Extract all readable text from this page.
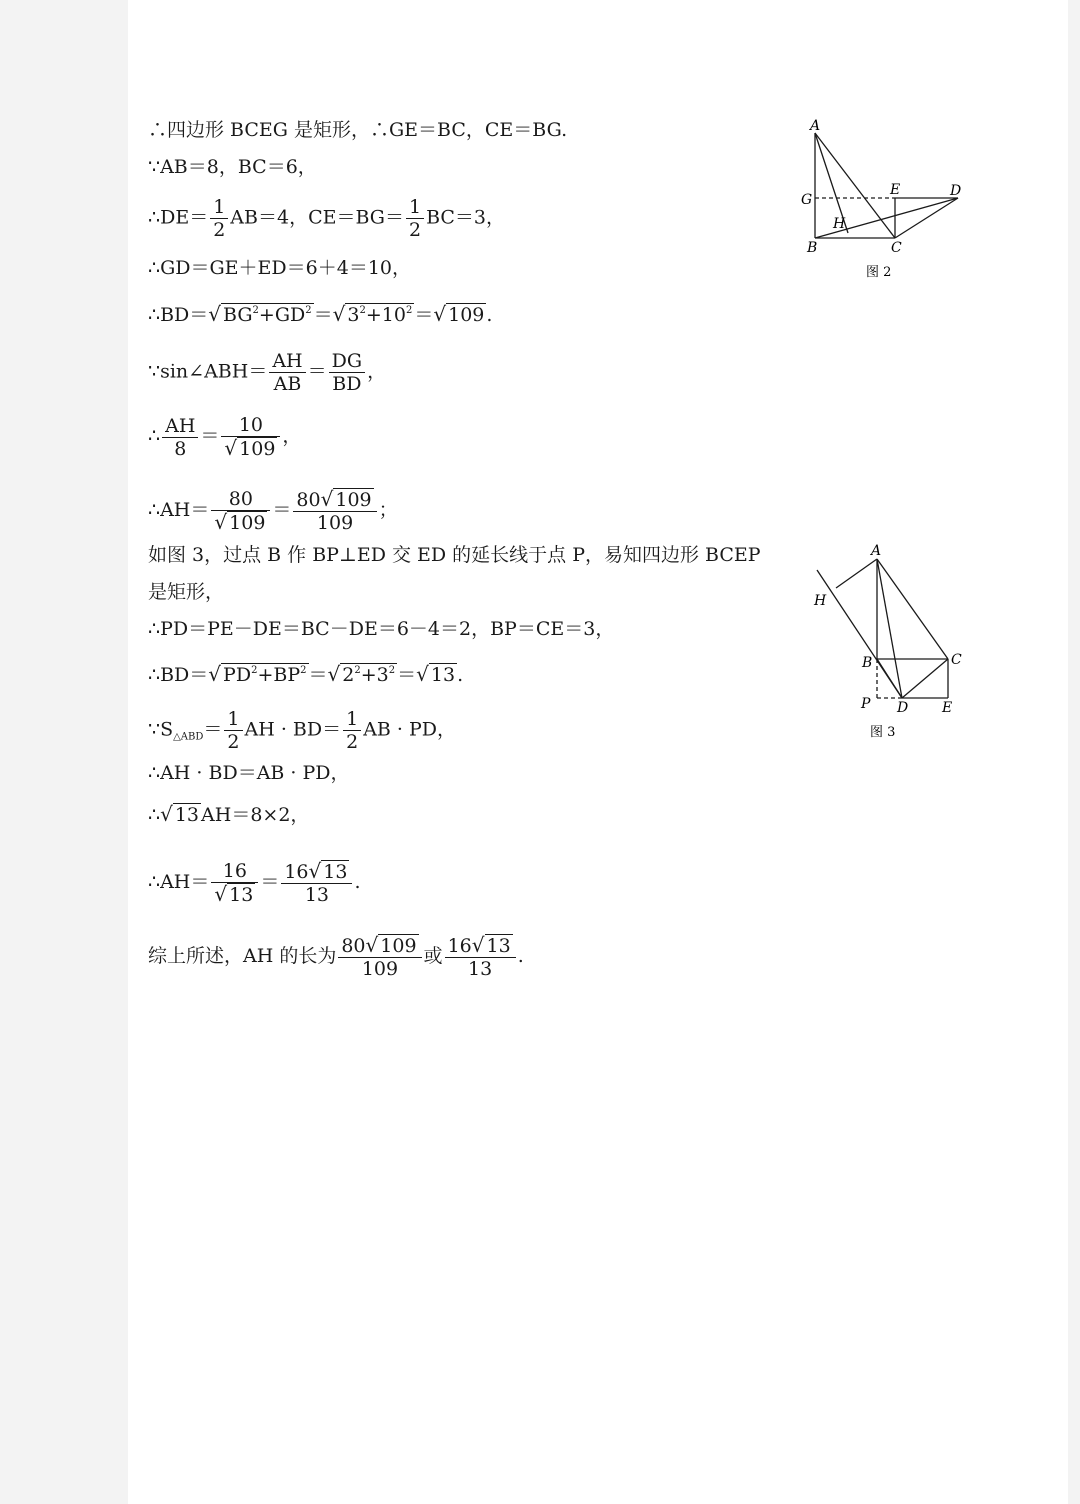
∴四边形 BCEG 是矩形，∴GE＝BC，CE＝BG.
∵AB＝8，BC＝6，
∴DE＝ $\frac{1}{2} AB=4$，$CE=BG= \frac{1}{2} BC=3$，
∴GD＝GE＋ED＝6＋4＝10，
∴BD＝√ $BG^2+GD^2$ ＝√ $3^2+10^2$ ＝√ 109 .
∵sin∠ABH＝ $\frac{AH}{AB} = \frac{DG}{BD}$ ，
∴ $\frac{AH}{8} = \frac{10}{√ 109}$ ，
∴AH＝ $\frac{80}{√ 109} = \frac{80√ 109}{109}$ ；
如图 3，过点 B 作 BP⊥ED 交 ED 的延长线于点 P，易知四边形 BCEP
是矩形，
∴PD＝PE－DE＝BC－DE＝6－4＝2，BP＝CE＝3，
∴BD＝√ $PD^2+BP^2$ ＝√ $2^2+3^2$ ＝√ 13 .
$\because S_{\triangle ABD}= \frac{1}{2}$ AH · $BD= \frac{1}{2}$ AB · PD，
∴AH · BD＝AB · PD，
∴√ 13 AH＝8×2，
∴AH＝ $\frac{16}{√ 13} = \frac{16√ 13}{13}$ .
综上所述，AH 的长为 $\frac{80√ 109}{109}$ 或 $\frac{16√ 13}{13}$ .
A
G
E	D
H
B	C
图 2
A
H
B	C
P D E
图 3
